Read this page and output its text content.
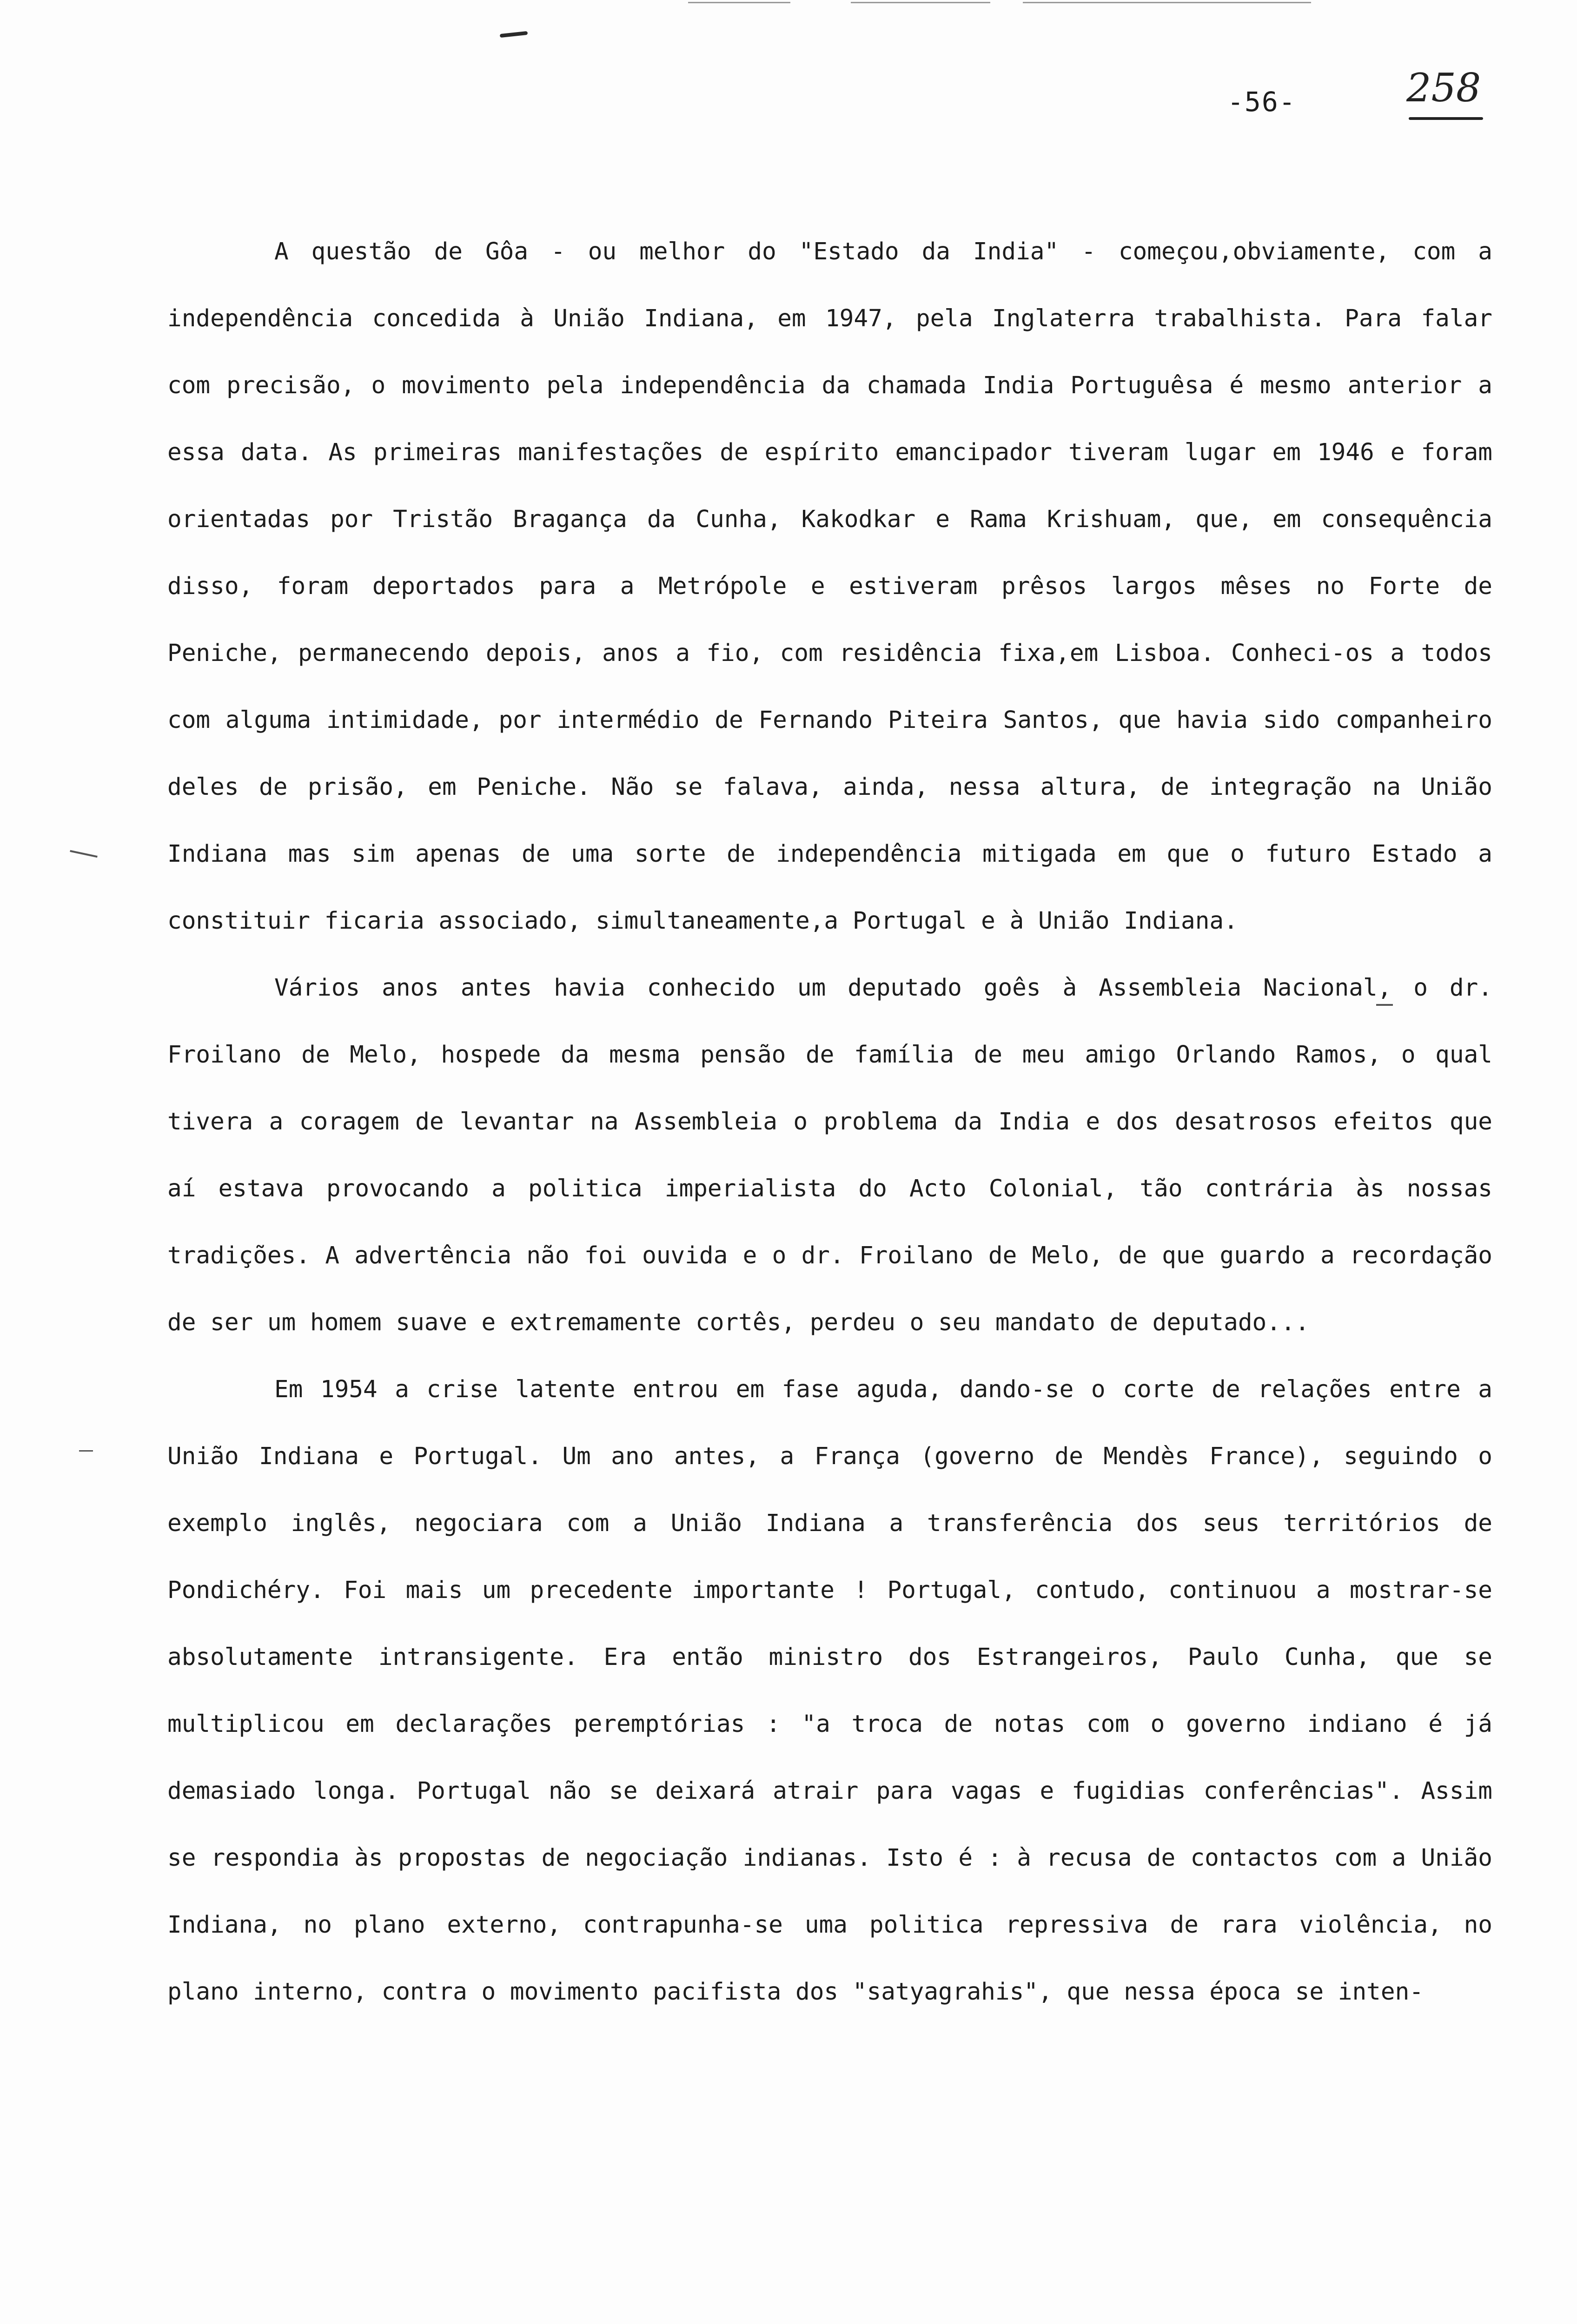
-56-	258

A questão de Gôa - ou melhor do "Estado da India" - começou,obviamente, com a independência concedida à União Indiana, em 1947, pela Inglaterra trabalhista. Para falar com precisão, o movimento pela independência da chamada India Portuguêsa é mesmo anterior a essa data. As primeiras manifestações de espírito emancipador tiveram lugar em 1946 e foram orientadas por Tristão Bragança da Cunha, Kakodkar e Rama Krishuam, que, em consequência disso, foram deportados para a Metrópole e estiveram prêsos largos mêses no Forte de Peniche, permanecendo depois, anos a fio, com residência fixa,em Lisboa. Conheci-os a todos com alguma intimidade, por intermédio de Fernando Piteira Santos, que havia sido companheiro deles de prisão, em Peniche. Não se falava, ainda, nessa altura, de integração na União Indiana mas sim apenas de uma sorte de independência mitigada em que o futuro Estado a constituir ficaria associado, simultaneamente,a Portugal e à União Indiana.

Vários anos antes havia conhecido um deputado goês à Assembleia Nacional, o dr. Froilano de Melo, hospede da mesma pensão de família de meu amigo Orlando Ramos, o qual tivera a coragem de levantar na Assembleia o problema da India e dos desatrosos efeitos que aí estava provocando a politica imperialista do Acto Colonial, tão contrária às nossas tradições. A advertência não foi ouvida e o dr. Froilano de Melo, de que guardo a recordação de ser um homem suave e extremamente cortês, perdeu o seu mandato de deputado...

Em 1954 a crise latente entrou em fase aguda, dando-se o corte de relações entre a União Indiana e Portugal. Um ano antes, a França (governo de Mendès France), seguindo o exemplo inglês, negociara com a União Indiana a transferência dos seus territórios de Pondichéry. Foi mais um precedente importante ! Portugal, contudo, continuou a mostrar-se absolutamente intransigente. Era então ministro dos Estrangeiros, Paulo Cunha, que se multiplicou em declarações peremptórias : "a troca de notas com o governo indiano é já demasiado longa. Portugal não se deixará atrair para vagas e fugidias conferências". Assim se respondia às propostas de negociação indianas. Isto é : à recusa de contactos com a União Indiana, no plano externo, contrapunha-se uma politica repressiva de rara violência, no plano interno, contra o movimento pacifista dos "satyagrahis", que nessa época se inten-
